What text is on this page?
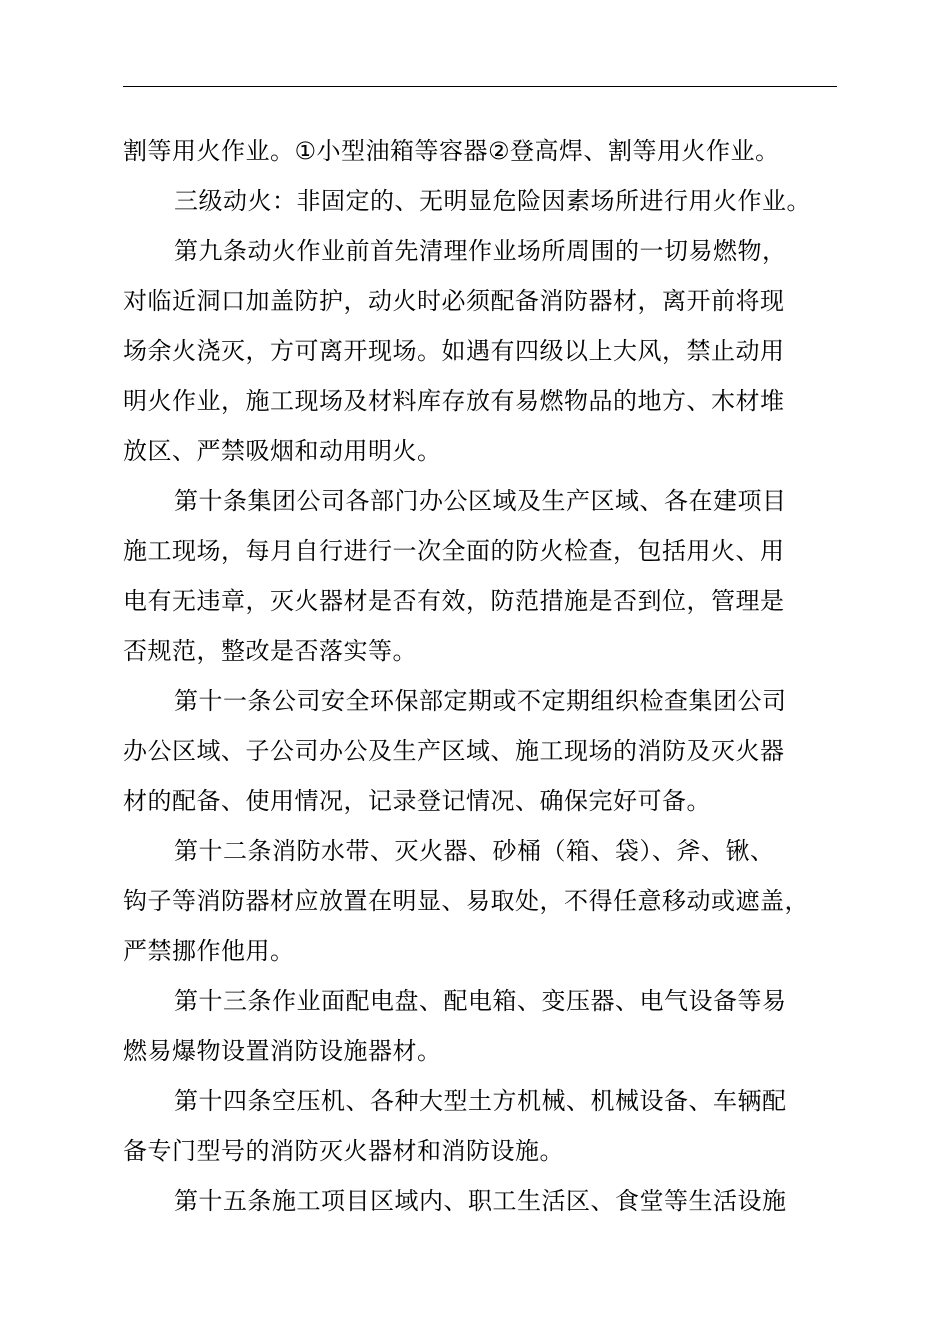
割等用火作业。①小型油箱等容器②登高焊、割等用火作业。
三级动火：非固定的、无明显危险因素场所进行用火作业。
第九条动火作业前首先清理作业场所周围的一切易燃物，
对临近洞口加盖防护，动火时必须配备消防器材，离开前将现
场余火浇灭，方可离开现场。如遇有四级以上大风，禁止动用
明火作业，施工现场及材料库存放有易燃物品的地方、木材堆
放区、严禁吸烟和动用明火。
第十条集团公司各部门办公区域及生产区域、各在建项目
施工现场，每月自行进行一次全面的防火检查，包括用火、用
电有无违章，灭火器材是否有效，防范措施是否到位，管理是
否规范，整改是否落实等。
第十一条公司安全环保部定期或不定期组织检查集团公司
办公区域、子公司办公及生产区域、施工现场的消防及灭火器
材的配备、使用情况，记录登记情况、确保完好可备。
第十二条消防水带、灭火器、砂桶（箱、袋）、斧、锹、
钩子等消防器材应放置在明显、易取处，不得任意移动或遮盖，
严禁挪作他用。
第十三条作业面配电盘、配电箱、变压器、电气设备等易
燃易爆物设置消防设施器材。
第十四条空压机、各种大型土方机械、机械设备、车辆配
备专门型号的消防灭火器材和消防设施。
第十五条施工项目区域内、职工生活区、食堂等生活设施
